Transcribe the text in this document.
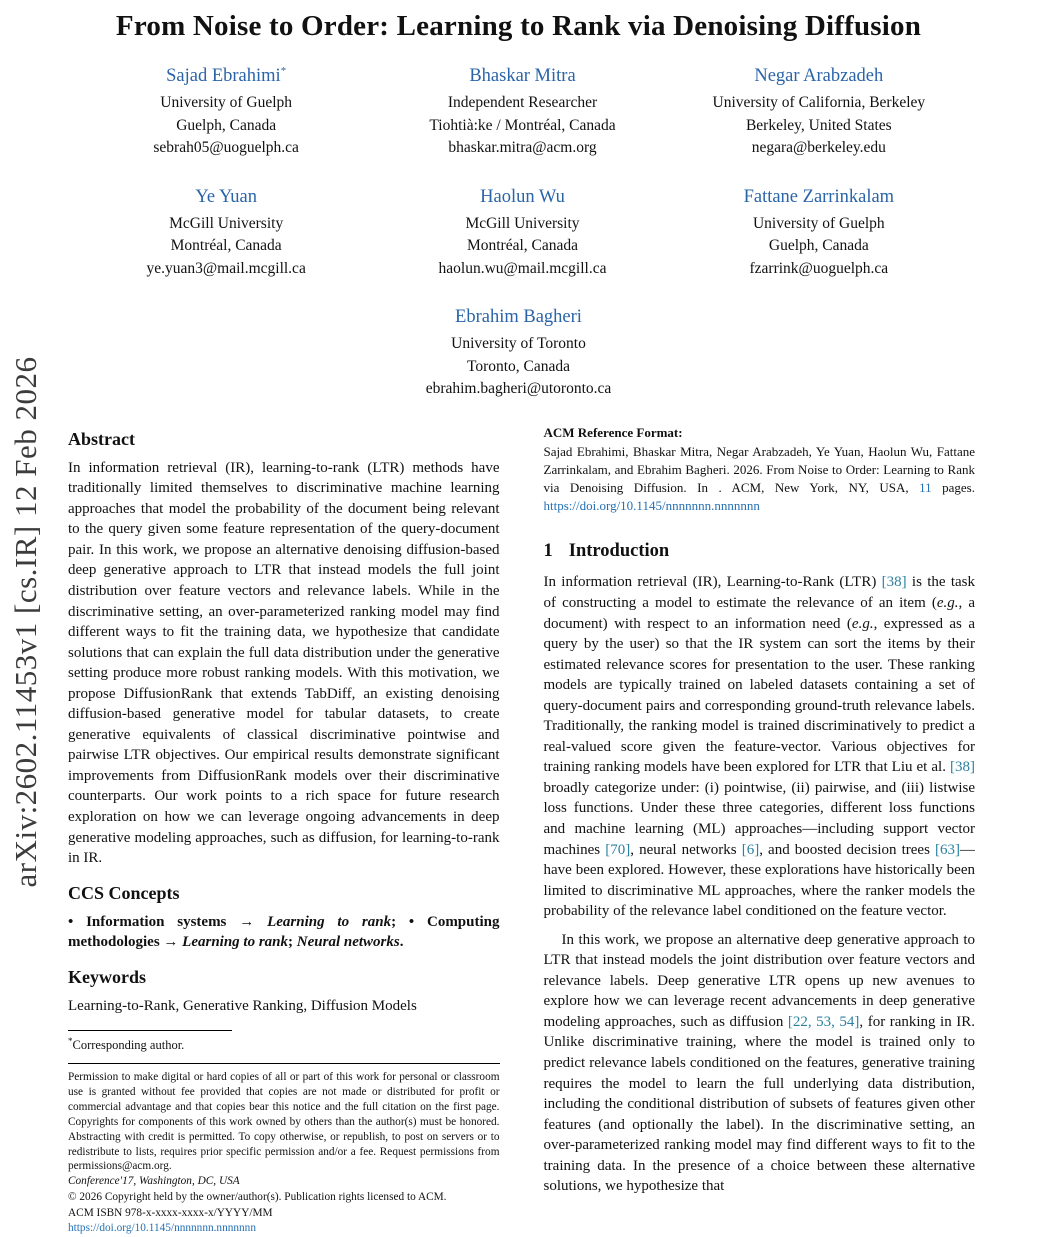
arXiv:2602.11453v1 [cs.IR] 12 Feb 2026
From Noise to Order: Learning to Rank via Denoising Diffusion
Sajad Ebrahimi*
University of Guelph
Guelph, Canada
sebrah05@uoguelph.ca
Bhaskar Mitra
Independent Researcher
Tiohtià:ke / Montréal, Canada
bhaskar.mitra@acm.org
Negar Arabzadeh
University of California, Berkeley
Berkeley, United States
negara@berkeley.edu
Ye Yuan
McGill University
Montréal, Canada
ye.yuan3@mail.mcgill.ca
Haolun Wu
McGill University
Montréal, Canada
haolun.wu@mail.mcgill.ca
Fattane Zarrinkalam
University of Guelph
Guelph, Canada
fzarrink@uoguelph.ca
Ebrahim Bagheri
University of Toronto
Toronto, Canada
ebrahim.bagheri@utoronto.ca
Abstract

In information retrieval (IR), learning-to-rank (LTR) methods have traditionally limited themselves to discriminative machine learning approaches that model the probability of the document being relevant to the query given some feature representation of the query-document pair. In this work, we propose an alternative denoising diffusion-based deep generative approach to LTR that instead models the full joint distribution over feature vectors and relevance labels. While in the discriminative setting, an over-parameterized ranking model may find different ways to fit the training data, we hypothesize that candidate solutions that can explain the full data distribution under the generative setting produce more robust ranking models. With this motivation, we propose DiffusionRank that extends TabDiff, an existing denoising diffusion-based generative model for tabular datasets, to create generative equivalents of classical discriminative pointwise and pairwise LTR objectives. Our empirical results demonstrate significant improvements from DiffusionRank models over their discriminative counterparts. Our work points to a rich space for future research exploration on how we can leverage ongoing advancements in deep generative modeling approaches, such as diffusion, for learning-to-rank in IR.

CCS Concepts

• Information systems → Learning to rank; • Computing methodologies → Learning to rank; Neural networks.

Keywords

Learning-to-Rank, Generative Ranking, Diffusion Models

*Corresponding author.

Permission to make digital or hard copies of all or part of this work for personal or classroom use is granted without fee provided that copies are not made or distributed for profit or commercial advantage and that copies bear this notice and the full citation on the first page. Copyrights for components of this work owned by others than the author(s) must be honored. Abstracting with credit is permitted. To copy otherwise, or republish, to post on servers or to redistribute to lists, requires prior specific permission and/or a fee. Request permissions from permissions@acm.org.

Conference'17, Washington, DC, USA
© 2026 Copyright held by the owner/author(s). Publication rights licensed to ACM.
ACM ISBN 978-x-xxxx-xxxx-x/YYYY/MM
https://doi.org/10.1145/nnnnnnn.nnnnnnn
ACM Reference Format:

Sajad Ebrahimi, Bhaskar Mitra, Negar Arabzadeh, Ye Yuan, Haolun Wu, Fattane Zarrinkalam, and Ebrahim Bagheri. 2026. From Noise to Order: Learning to Rank via Denoising Diffusion. In . ACM, New York, NY, USA, 11 pages. https://doi.org/10.1145/nnnnnnn.nnnnnnn

1 Introduction

In information retrieval (IR), Learning-to-Rank (LTR) [38] is the task of constructing a model to estimate the relevance of an item (e.g., a document) with respect to an information need (e.g., expressed as a query by the user) so that the IR system can sort the items by their estimated relevance scores for presentation to the user. These ranking models are typically trained on labeled datasets containing a set of query-document pairs and corresponding ground-truth relevance labels. Traditionally, the ranking model is trained discriminatively to predict a real-valued score given the feature-vector. Various objectives for training ranking models have been explored for LTR that Liu et al. [38] broadly categorize under: (i) pointwise, (ii) pairwise, and (iii) listwise loss functions. Under these three categories, different loss functions and machine learning (ML) approaches—including support vector machines [70], neural networks [6], and boosted decision trees [63]—have been explored. However, these explorations have historically been limited to discriminative ML approaches, where the ranker models the probability of the relevance label conditioned on the feature vector.

In this work, we propose an alternative deep generative approach to LTR that instead models the joint distribution over feature vectors and relevance labels. Deep generative LTR opens up new avenues to explore how we can leverage recent advancements in deep generative modeling approaches, such as diffusion [22, 53, 54], for ranking in IR. Unlike discriminative training, where the model is trained only to predict relevance labels conditioned on the features, generative training requires the model to learn the full underlying data distribution, including the conditional distribution of subsets of features given other features (and optionally the label). In the discriminative setting, an over-parameterized ranking model may find different ways to fit to the training data. In the presence of a choice between these alternative solutions, we hypothesize that
